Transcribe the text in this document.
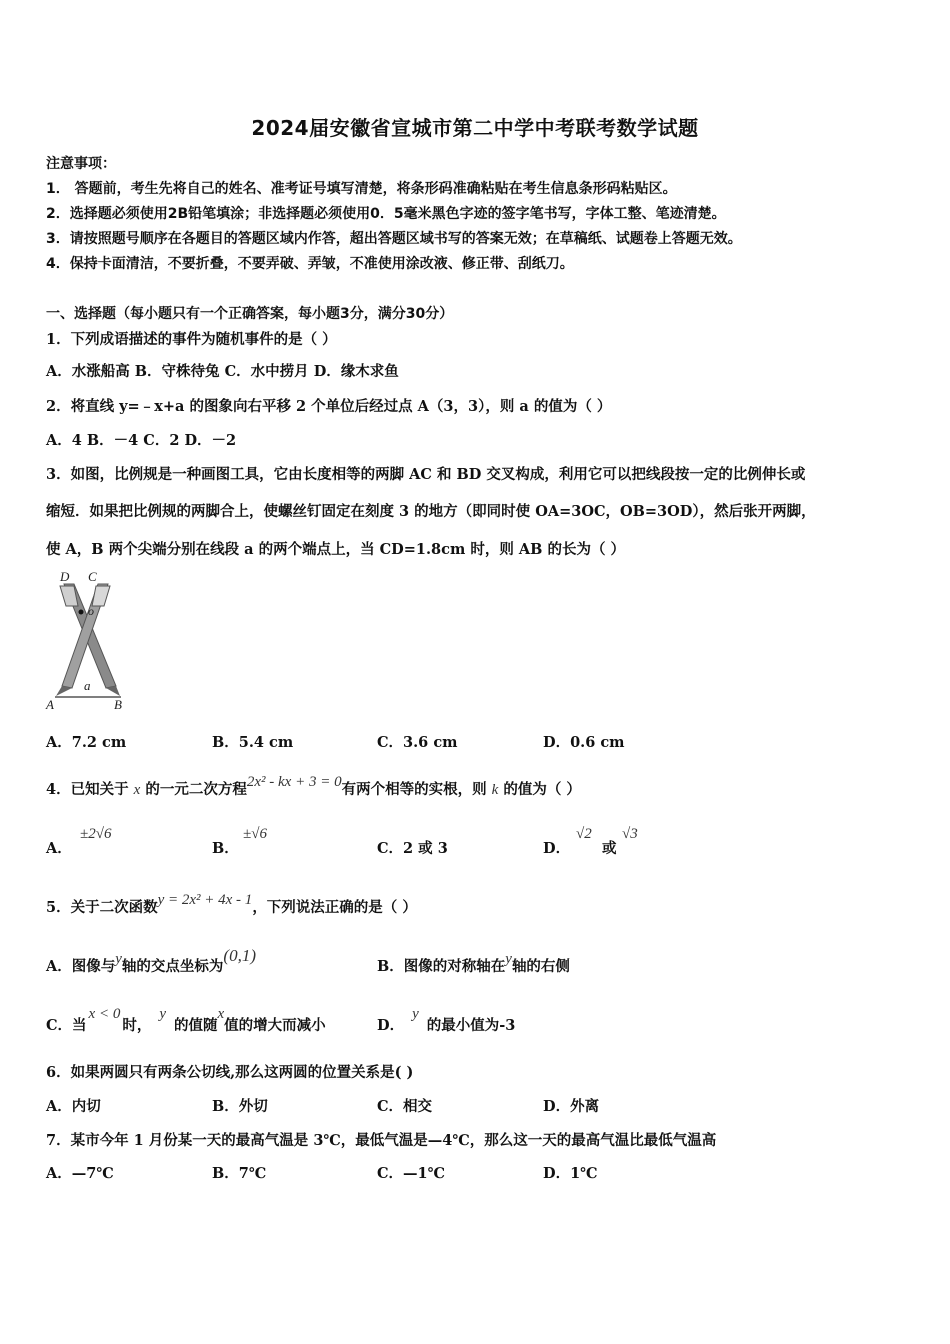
2024届安徽省宣城市第二中学中考联考数学试题
注意事项：
1． 答题前，考生先将自己的姓名、准考证号填写清楚，将条形码准确粘贴在考生信息条形码粘贴区。
2．选择题必须使用2B铅笔填涂；非选择题必须使用0．5毫米黑色字迹的签字笔书写，字体工整、笔迹清楚。
3．请按照题号顺序在各题目的答题区域内作答，超出答题区域书写的答案无效；在草稿纸、试题卷上答题无效。
4．保持卡面清洁，不要折叠，不要弄破、弄皱，不准使用涂改液、修正带、刮纸刀。
一、选择题（每小题只有一个正确答案，每小题3分，满分30分）
1．下列成语描述的事件为随机事件的是（ ）
A．水涨船高 B．守株待兔 C．水中捞月 D．缘木求鱼
2．将直线 y=﹣x+a 的图象向右平移 2 个单位后经过点 A（3，3），则 a 的值为（ ）
A．4 B．－4 C．2 D．－2
3．如图，比例规是一种画图工具，它由长度相等的两脚 AC 和 BD 交叉构成，利用它可以把线段按一定的比例伸长或
缩短．如果把比例规的两脚合上，使螺丝钉固定在刻度 3 的地方（即同时使 OA=3OC，OB=3OD），然后张开两脚，
使 A，B 两个尖端分别在线段 a 的两个端点上，当 CD=1.8cm 时，则 AB 的长为（ ）
D C
o
a
A	B
A．7.2 cm	B．5.4 cm	C．3.6 cm	D．0.6 cm
4．已知关于 x 的一元二次方程2x² - kx + 3 = 0有两个相等的实根，则 k 的值为（ ）
A．
±2√6
B．
±√6
C．2 或 3	D．
√2
或
√3
5．关于二次函数y = 2x² + 4x - 1，下列说法正确的是（ ）
A．图像与y轴的交点坐标为(0,1)
B．图像的对称轴在y轴的右侧
C．当x < 0时，y的值随x值的增大而减小	D．y的最小值为-3
6．如果两圆只有两条公切线,那么这两圆的位置关系是( )
A．内切	B．外切	C．相交	D．外离
7．某市今年 1 月份某一天的最高气温是 3℃，最低气温是—4℃，那么这一天的最高气温比最低气温高
A．—7℃	B．7℃	C．—1℃	D．1℃
